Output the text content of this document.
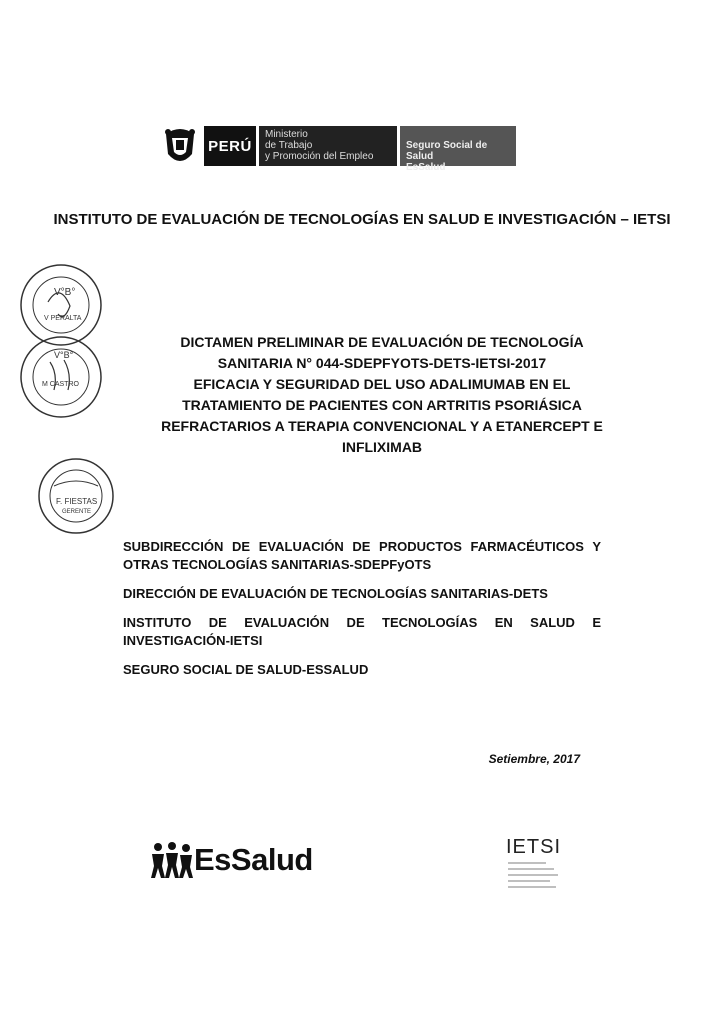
PERÚ
Ministerio
de Trabajo
y Promoción del Empleo
Seguro Social de Salud
EsSalud
INSTITUTO DE EVALUACIÓN DE TECNOLOGÍAS EN SALUD E INVESTIGACIÓN – IETSI
V°B°
V PERALTA
V°B°
M CASTRO
F. FIESTAS
GERENTE
DICTAMEN PRELIMINAR DE EVALUACIÓN DE TECNOLOGÍA
SANITARIA N° 044-SDEPFYOTS-DETS-IETSI-2017
EFICACIA Y SEGURIDAD DEL USO ADALIMUMAB EN EL
TRATAMIENTO DE PACIENTES CON ARTRITIS PSORIÁSICA
REFRACTARIOS A TERAPIA CONVENCIONAL Y A ETANERCEPT E
INFLIXIMAB

SUBDIRECCIÓN DE EVALUACIÓN DE PRODUCTOS FARMACÉUTICOS Y OTRAS TECNOLOGÍAS SANITARIAS-SDEPFyOTS

DIRECCIÓN DE EVALUACIÓN DE TECNOLOGÍAS SANITARIAS-DETS

INSTITUTO DE EVALUACIÓN DE TECNOLOGÍAS EN SALUD E INVESTIGACIÓN-IETSI

SEGURO SOCIAL DE SALUD-ESSALUD

Setiembre, 2017
EsSalud	IETSI
